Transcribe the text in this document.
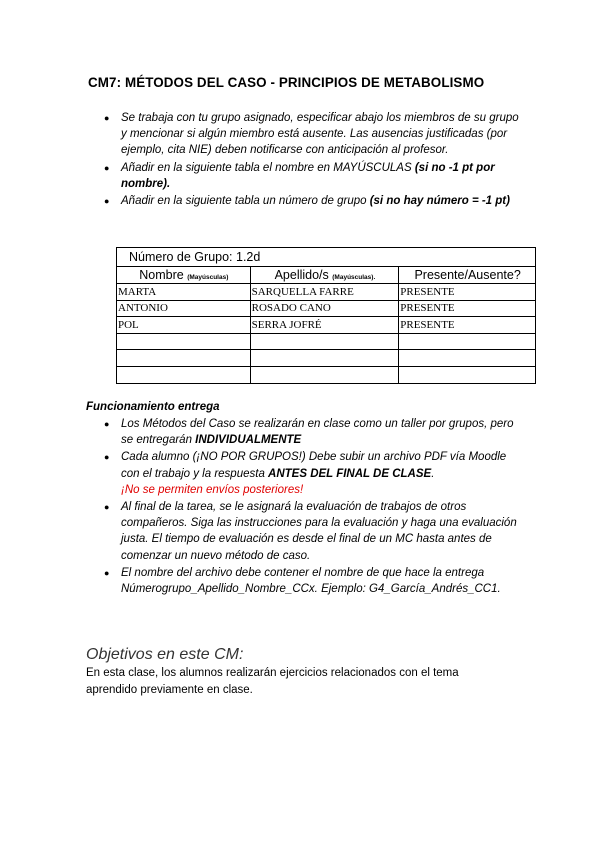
CM7: MÉTODOS DEL CASO - PRINCIPIOS DE METABOLISMO
● Se trabaja con tu grupo asignado, especificar abajo los miembros de su grupo y mencionar si algún miembro está ausente. Las ausencias justificadas (por ejemplo, cita NIE) deben notificarse con anticipación al profesor.
● Añadir en la siguiente tabla el nombre en MAYÚSCULAS (si no -1 pt por nombre).
● Añadir en la siguiente tabla un número de grupo (si no hay número = -1 pt)
Número de Grupo: 1.2d		
Nombre (Mayúsculas)	Apellido/s (Mayúsculas).	Presente/Ausente?
MARTA	SARQUELLA FARRE	PRESENTE
ANTONIO	ROSADO CANO	PRESENTE
POL	SERRA JOFRÉ	PRESENTE

Funcionamiento entrega
● Los Métodos del Caso se realizarán en clase como un taller por grupos, pero se entregarán INDIVIDUALMENTE
● Cada alumno (¡NO POR GRUPOS!) Debe subir un archivo PDF vía Moodle con el trabajo y la respuesta ANTES DEL FINAL DE CLASE.
¡No se permiten envíos posteriores!
● Al final de la tarea, se le asignará la evaluación de trabajos de otros compañeros. Siga las instrucciones para la evaluación y haga una evaluación justa. El tiempo de evaluación es desde el final de un MC hasta antes de comenzar un nuevo método de caso.
● El nombre del archivo debe contener el nombre de que hace la entrega Númerogrupo_Apellido_Nombre_CCx. Ejemplo: G4_García_Andrés_CC1.
Objetivos en este CM:
En esta clase, los alumnos realizarán ejercicios relacionados con el tema aprendido previamente en clase.
